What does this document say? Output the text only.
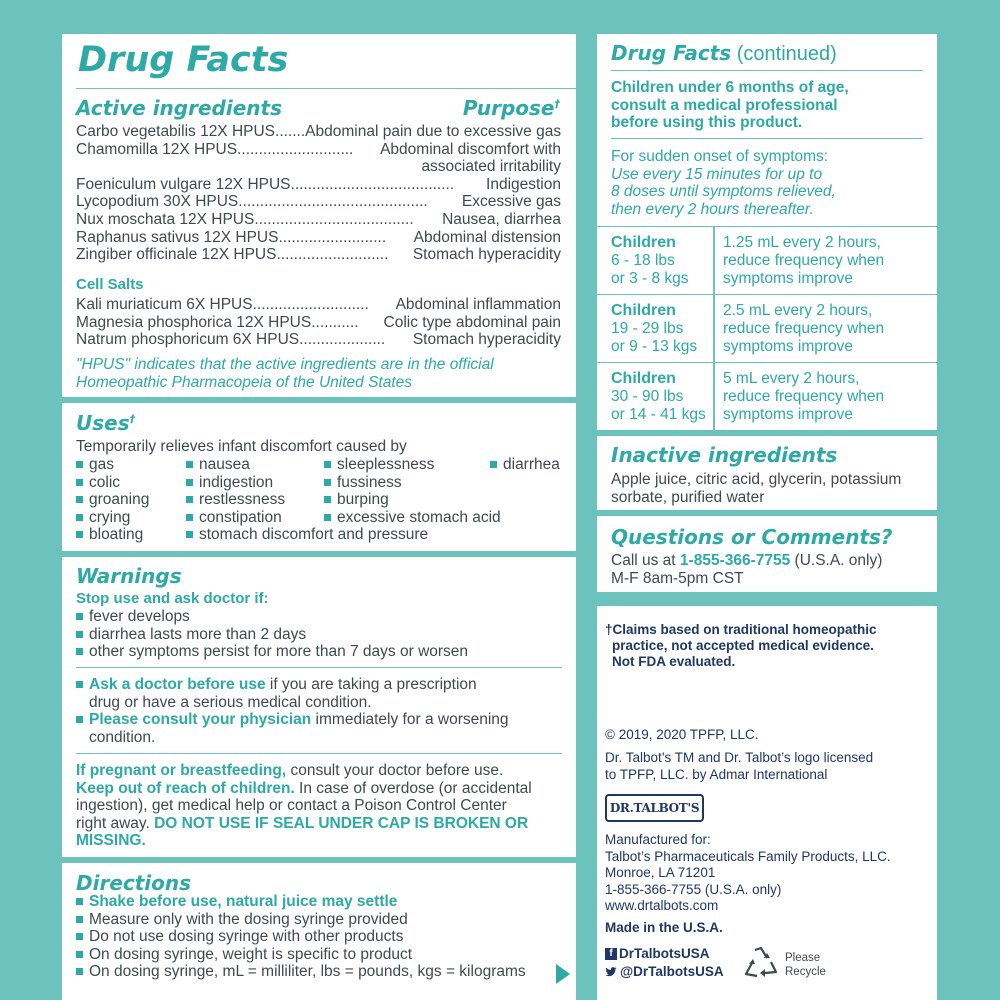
Drug Facts
Active ingredients	Purpose†
Carbo vegetabilis 12X HPUS....... Abdominal pain due to excessive gas
Chamomilla 12X HPUS........................... Abdominal discomfort with
associated irritability
Foeniculum vulgare 12X HPUS...................................... Indigestion
Lycopodium 30X HPUS............................................ Excessive gas
Nux moschata 12X HPUS..................................... Nausea, diarrhea
Raphanus sativus 12X HPUS......................... Abdominal distension
Zingiber officinale 12X HPUS.......................... Stomach hyperacidity
Cell Salts
Kali muriaticum 6X HPUS........................... Abdominal inflammation
Magnesia phosphorica 12X HPUS........... Colic type abdominal pain
Natrum phosphoricum 6X HPUS.................... Stomach hyperacidity
"HPUS" indicates that the active ingredients are in the official
Homeopathic Pharmacopeia of the United States
Uses†
Temporarily relieves infant discomfort caused by
gas
colic
groaning
crying
bloating
nausea
indigestion
restlessness
constipation
stomach discomfort and pressure
sleeplessness
fussiness
burping
excessive stomach acid
diarrhea
Warnings
Stop use and ask doctor if:
fever develops
diarrhea lasts more than 2 days
other symptoms persist for more than 7 days or worsen
Ask a doctor before use if you are taking a prescription
drug or have a serious medical condition.
Please consult your physician immediately for a worsening
condition.
If pregnant or breastfeeding, consult your doctor before use.
Keep out of reach of children. In case of overdose (or accidental
ingestion), get medical help or contact a Poison Control Center
right away. DO NOT USE IF SEAL UNDER CAP IS BROKEN OR
MISSING.
Directions
Shake before use, natural juice may settle
Measure only with the dosing syringe provided
Do not use dosing syringe with other products
On dosing syringe, weight is specific to product
On dosing syringe, mL = milliliter, lbs = pounds, kgs = kilograms
Drug Facts (continued)
Children under 6 months of age,
consult a medical professional
before using this product.
For sudden onset of symptoms:
Use every 15 minutes for up to
8 doses until symptoms relieved,
then every 2 hours thereafter.
Children
6 - 18 lbs
or 3 - 8 kgs
1.25 mL every 2 hours,
reduce frequency when
symptoms improve
Children
19 - 29 lbs
or 9 - 13 kgs
2.5 mL every 2 hours,
reduce frequency when
symptoms improve
Children
30 - 90 lbs
or 14 - 41 kgs
5 mL every 2 hours,
reduce frequency when
symptoms improve
Inactive ingredients
Apple juice, citric acid, glycerin, potassium
sorbate, purified water
Questions or Comments?
Call us at 1-855-366-7755 (U.S.A. only)
M-F 8am-5pm CST
†Claims based on traditional homeopathic
practice, not accepted medical evidence.
Not FDA evaluated.
© 2019, 2020 TPFP, LLC.
Dr. Talbot’s TM and Dr. Talbot’s logo licensed
to TPFP, LLC. by Admar International
DR.TALBOT'S
Manufactured for:
Talbot’s Pharmaceuticals Family Products, LLC.
Monroe, LA 71201
1-855-366-7755 (U.S.A. only)
www.drtalbots.com
Made in the U.S.A.
f DrTalbotsUSA
@DrTalbotsUSA
Please
Recycle
